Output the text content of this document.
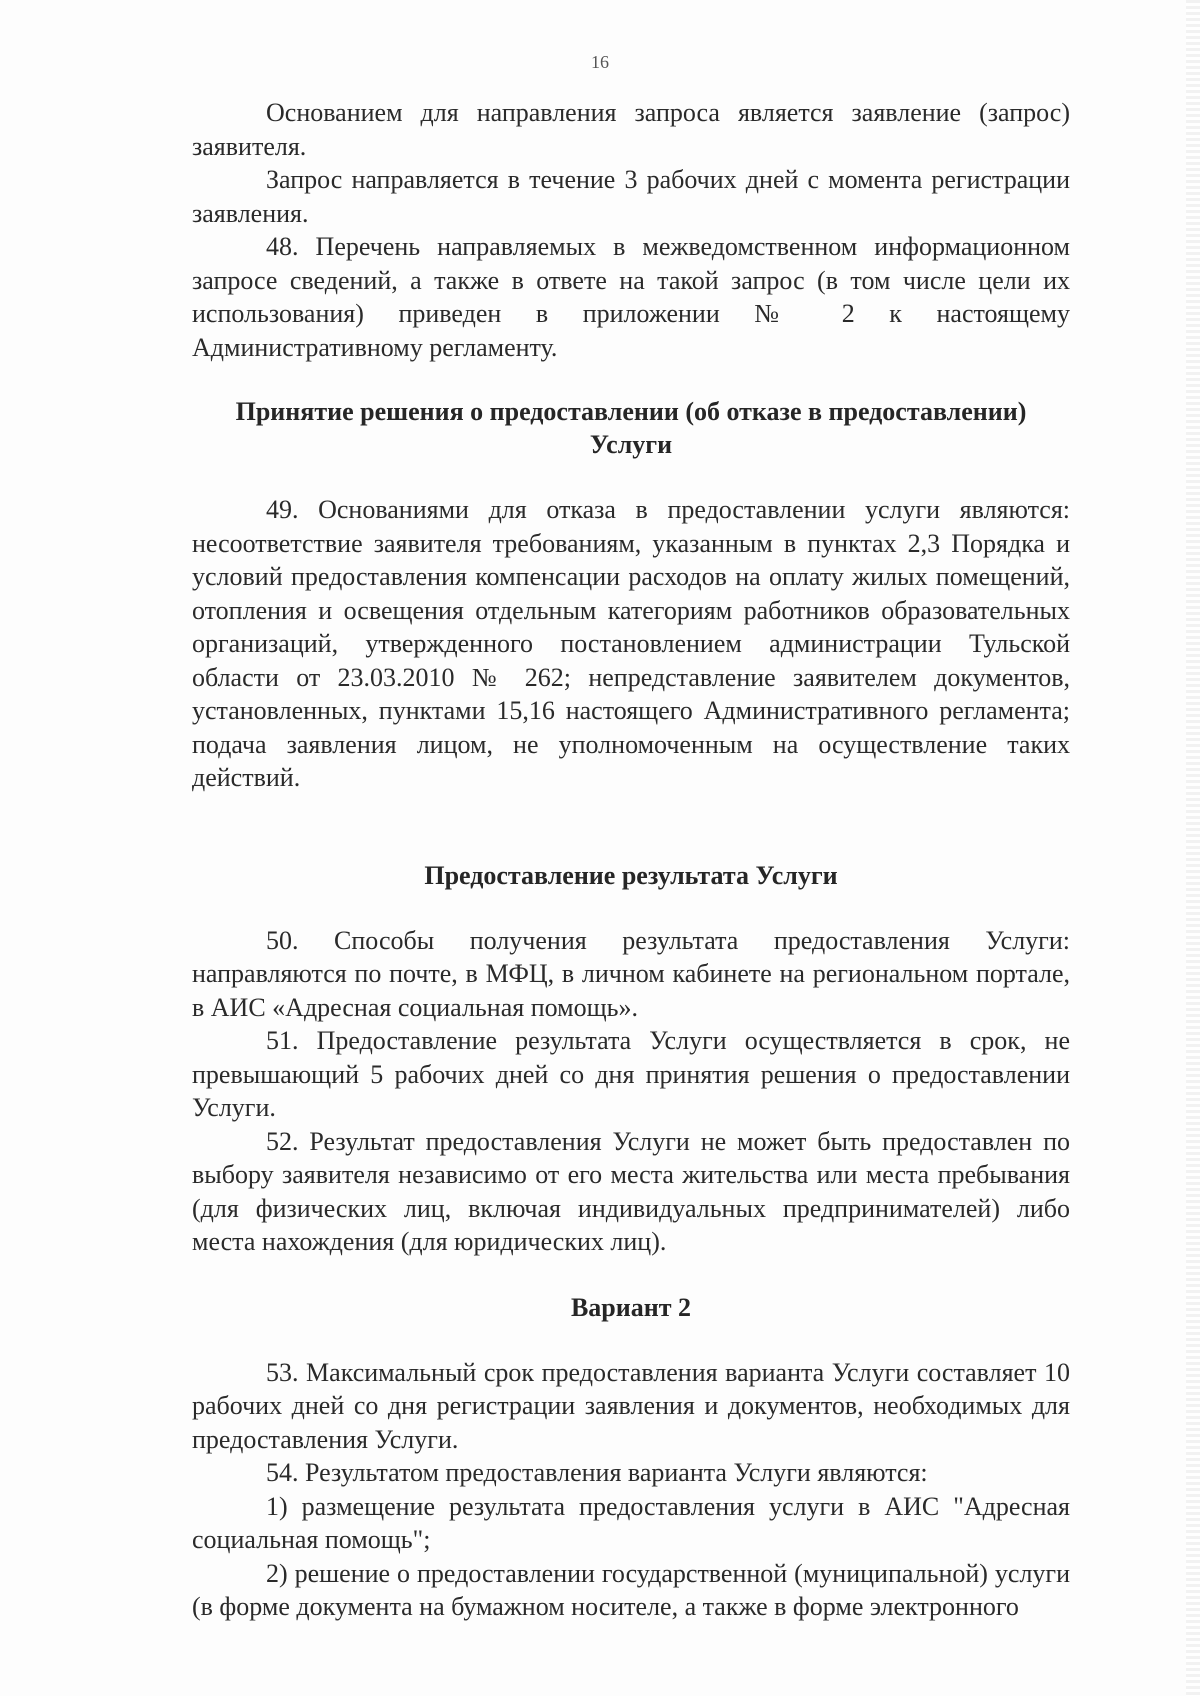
16

Основанием для направления запроса является заявление (запрос) заявителя.

Запрос направляется в течение 3 рабочих дней с момента регистрации заявления.

48. Перечень направляемых в межведомственном информационном запросе сведений, а также в ответе на такой запрос (в том числе цели их использования) приведен в приложении № 2 к настоящему Административному регламенту.

Принятие решения о предоставлении (об отказе в предоставлении) Услуги

49. Основаниями для отказа в предоставлении услуги являются: несоответствие заявителя требованиям, указанным в пунктах 2,3 Порядка и условий предоставления компенсации расходов на оплату жилых помещений, отопления и освещения отдельным категориям работников образовательных организаций, утвержденного постановлением администрации Тульской области от 23.03.2010 № 262; непредставление заявителем документов, установленных, пунктами 15,16 настоящего Административного регламента; подача заявления лицом, не уполномоченным на осуществление таких действий.

Предоставление результата Услуги

50. Способы получения результата предоставления Услуги: направляются по почте, в МФЦ, в личном кабинете на региональном портале, в АИС «Адресная социальная помощь».

51. Предоставление результата Услуги осуществляется в срок, не превышающий 5 рабочих дней со дня принятия решения о предоставлении Услуги.

52. Результат предоставления Услуги не может быть предоставлен по выбору заявителя независимо от его места жительства или места пребывания (для физических лиц, включая индивидуальных предпринимателей) либо места нахождения (для юридических лиц).

Вариант 2

53. Максимальный срок предоставления варианта Услуги составляет 10 рабочих дней со дня регистрации заявления и документов, необходимых для предоставления Услуги.

54. Результатом предоставления варианта Услуги являются:

1) размещение результата предоставления услуги в АИС "Адресная социальная помощь";

2) решение о предоставлении государственной (муниципальной) услуги (в форме документа на бумажном носителе, а также в форме электронного
